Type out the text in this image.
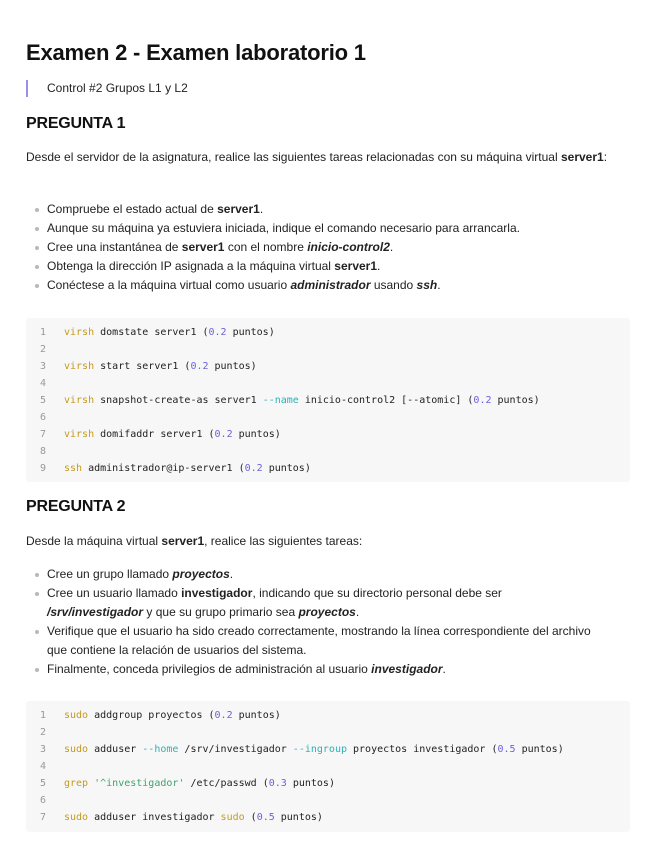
Examen 2 - Examen laboratorio 1
Control #2 Grupos L1 y L2
PREGUNTA 1

Desde el servidor de la asignatura, realice las siguientes tareas relacionadas con su máquina virtual server1:

Compruebe el estado actual de server1.
Aunque su máquina ya estuviera iniciada, indique el comando necesario para arrancarla.
Cree una instantánea de server1 con el nombre inicio-control2.
Obtenga la dirección IP asignada a la máquina virtual server1.
Conéctese a la máquina virtual como usuario administrador usando ssh.
1 virsh domstate server1 (0.2 puntos)
2
3 virsh start server1 (0.2 puntos)
4
5 virsh snapshot-create-as server1 --name inicio-control2 [--atomic] (0.2 puntos)
6
7 virsh domifaddr server1 (0.2 puntos)
8
9 ssh administrador@ip-server1 (0.2 puntos)
PREGUNTA 2

Desde la máquina virtual server1, realice las siguientes tareas:

Cree un grupo llamado proyectos.
Cree un usuario llamado investigador, indicando que su directorio personal debe ser
/srv/investigador y que su grupo primario sea proyectos.
Verifique que el usuario ha sido creado correctamente, mostrando la línea correspondiente del archivo
que contiene la relación de usuarios del sistema.
Finalmente, conceda privilegios de administración al usuario investigador.
1 sudo addgroup proyectos (0.2 puntos)
2
3 sudo adduser --home /srv/investigador --ingroup proyectos investigador (0.5 puntos)
4
5 grep '^investigador' /etc/passwd (0.3 puntos)
6
7 sudo adduser investigador sudo (0.5 puntos)
